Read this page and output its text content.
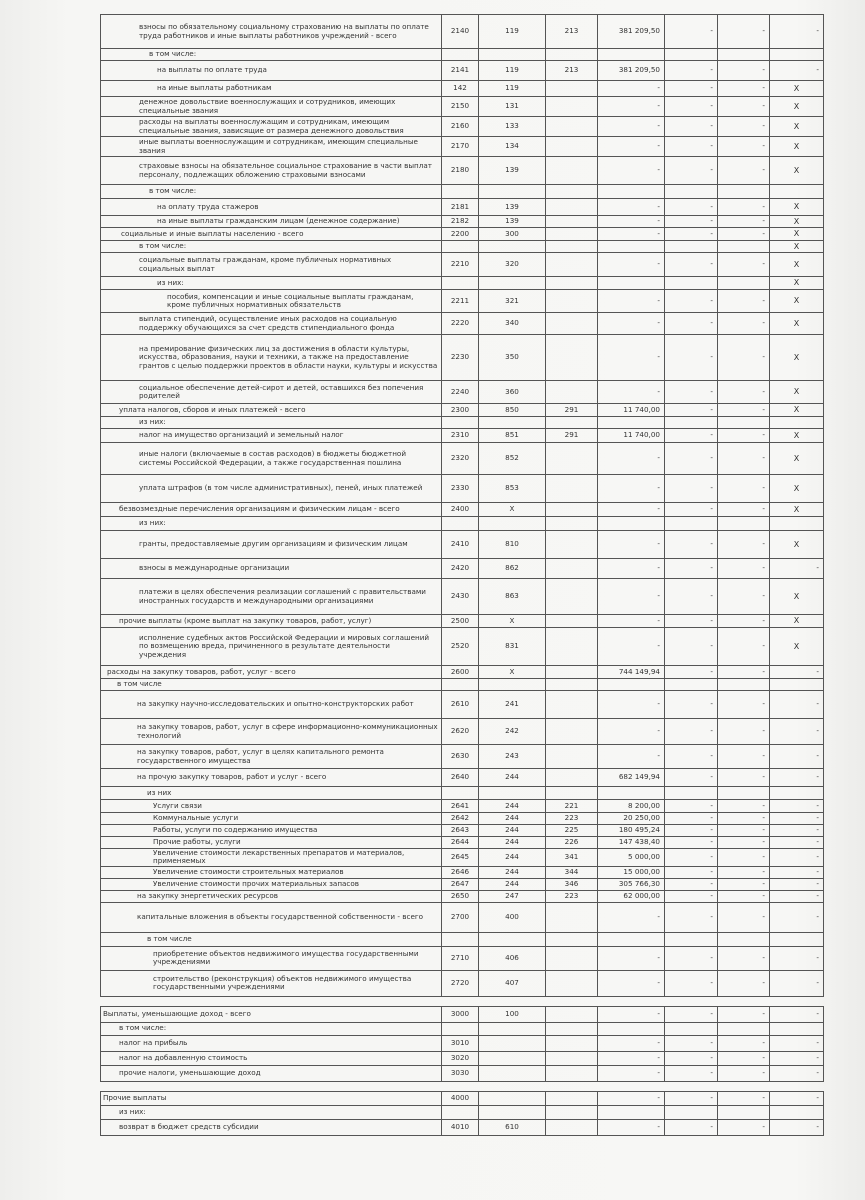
взносы по обязательному социальному страхованию на выплаты по оплате труда работников и иные выплаты работников учреждений - всего	2140	119	213	381 209,50	-	-	-
в том числе:							
на выплаты по оплате труда	2141	119	213	381 209,50	-	-	-
на иные выплаты работникам	142	119		-	-	-	X
денежное довольствие военнослужащих и сотрудников, имеющих специальные звания	2150	131		-	-	-	X
расходы на выплаты военнослужащим и сотрудникам, имеющим специальные звания, зависящие от размера денежного довольствия	2160	133		-	-	-	X
иные выплаты военнослужащим и сотрудникам, имеющим специальные звания	2170	134		-	-	-	X
страховые взносы на обязательное социальное страхование в части выплат персоналу, подлежащих обложению страховыми взносами	2180	139		-	-	-	X
в том числе:							
на оплату труда стажеров	2181	139		-	-	-	X
на иные выплаты гражданским лицам (денежное содержание)	2182	139		-	-	-	X
социальные и иные выплаты населению - всего	2200	300		-	-	-	X
в том числе:							X
социальные выплаты гражданам, кроме публичных нормативных социальных выплат	2210	320		-	-	-	X
из них:							X
пособия, компенсации и иные социальные выплаты гражданам, кроме публичных нормативных обязательств	2211	321		-	-	-	X
выплата стипендий, осуществление иных расходов на социальную поддержку обучающихся за счет средств стипендиального фонда	2220	340		-	-	-	X
на премирование физических лиц за достижения в области культуры, искусства, образования, науки и техники, а также на предоставление грантов с целью поддержки проектов в области науки, культуры и искусства	2230	350		-	-	-	X
социальное обеспечение детей-сирот и детей, оставшихся без попечения родителей	2240	360		-	-	-	X
уплата налогов, сборов и иных платежей - всего	2300	850	291	11 740,00	-	-	X
из них:							
налог на имущество организаций и земельный налог	2310	851	291	11 740,00	-	-	X
иные налоги (включаемые в состав расходов) в бюджеты бюджетной системы Российской Федерации, а также государственная пошлина	2320	852		-	-	-	X
уплата штрафов (в том числе административных), пеней, иных платежей	2330	853		-	-	-	X
безвозмездные перечисления организациям и физическим лицам - всего	2400	X		-	-	-	X
из них:							
гранты, предоставляемые другим организациям и физическим лицам	2410	810		-	-	-	X
взносы в международные организации	2420	862		-	-	-	-
платежи в целях обеспечения реализации соглашений с правительствами иностранных государств и международными организациями	2430	863		-	-	-	X
прочие выплаты (кроме выплат на закупку товаров, работ, услуг)	2500	X		-	-	-	X
исполнение судебных актов Российской Федерации и мировых соглашений по возмещению вреда, причиненного в результате деятельности учреждения	2520	831		-	-	-	X
расходы на закупку товаров, работ, услуг - всего	2600	X		744 149,94	-	-	-
в том числе							
на закупку научно-исследовательских и опытно-конструкторских работ	2610	241		-	-	-	-
на закупку товаров, работ, услуг в сфере информационно-коммуникационных технологий	2620	242		-	-	-	-
на закупку товаров, работ, услуг в целях капитального ремонта государственного имущества	2630	243		-	-	-	-
на прочую закупку товаров, работ и услуг - всего	2640	244		682 149,94	-	-	-
из них							
Услуги связи	2641	244	221	8 200,00	-	-	-
Коммунальные услуги	2642	244	223	20 250,00	-	-	-
Работы, услуги по содержанию имущества	2643	244	225	180 495,24	-	-	-
Прочие работы, услуги	2644	244	226	147 438,40	-	-	-
Увеличение стоимости лекарственных препаратов и материалов, применяемых	2645	244	341	5 000,00	-	-	-
Увеличение стоимости строительных материалов	2646	244	344	15 000,00	-	-	-
Увеличение стоимости прочих материальных запасов	2647	244	346	305 766,30	-	-	-
на закупку энергетических ресурсов	2650	247	223	62 000,00	-	-	-
капитальные вложения в объекты государственной собственности - всего	2700	400		-	-	-	-
в том числе							
приобретение объектов недвижимого имущества государственными учреждениями	2710	406		-	-	-	-
строительство (реконструкция) объектов недвижимого имущества государственными учреждениями	2720	407		-	-	-	-

Выплаты, уменьшающие доход - всего	3000	100		-	-	-	-
в том числе:							
налог на прибыль	3010			-	-	-	-
налог на добавленную стоимость	3020			-	-	-	-
прочие налоги, уменьшающие доход	3030			-	-	-	-

Прочие выплаты	4000			-	-	-	-
из них:							
возврат в бюджет средств субсидии	4010	610		-	-	-	-
